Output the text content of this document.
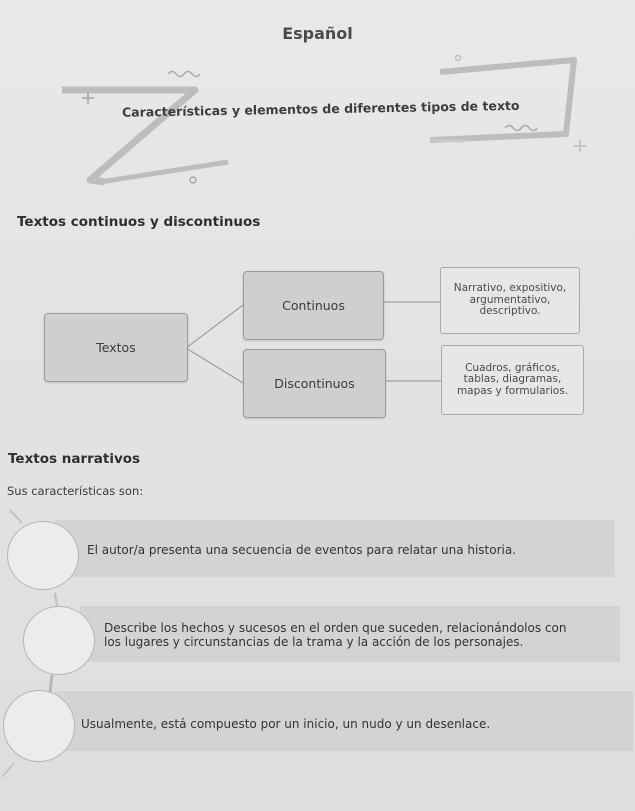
Español
Características y elementos de diferentes tipos de texto
Textos continuos y discontinuos
Textos
Continuos
Discontinuos
Narrativo, expositivo,
argumentativo,
descriptivo.
Cuadros, gráficos,
tablas, diagramas,
mapas y formularios.
Textos narrativos
Sus características son:
El autor/a presenta una secuencia de eventos para relatar una historia.
Describe los hechos y sucesos en el orden que suceden, relacionándolos con
los lugares y circunstancias de la trama y la acción de los personajes.
Usualmente, está compuesto por un inicio, un nudo y un desenlace.
